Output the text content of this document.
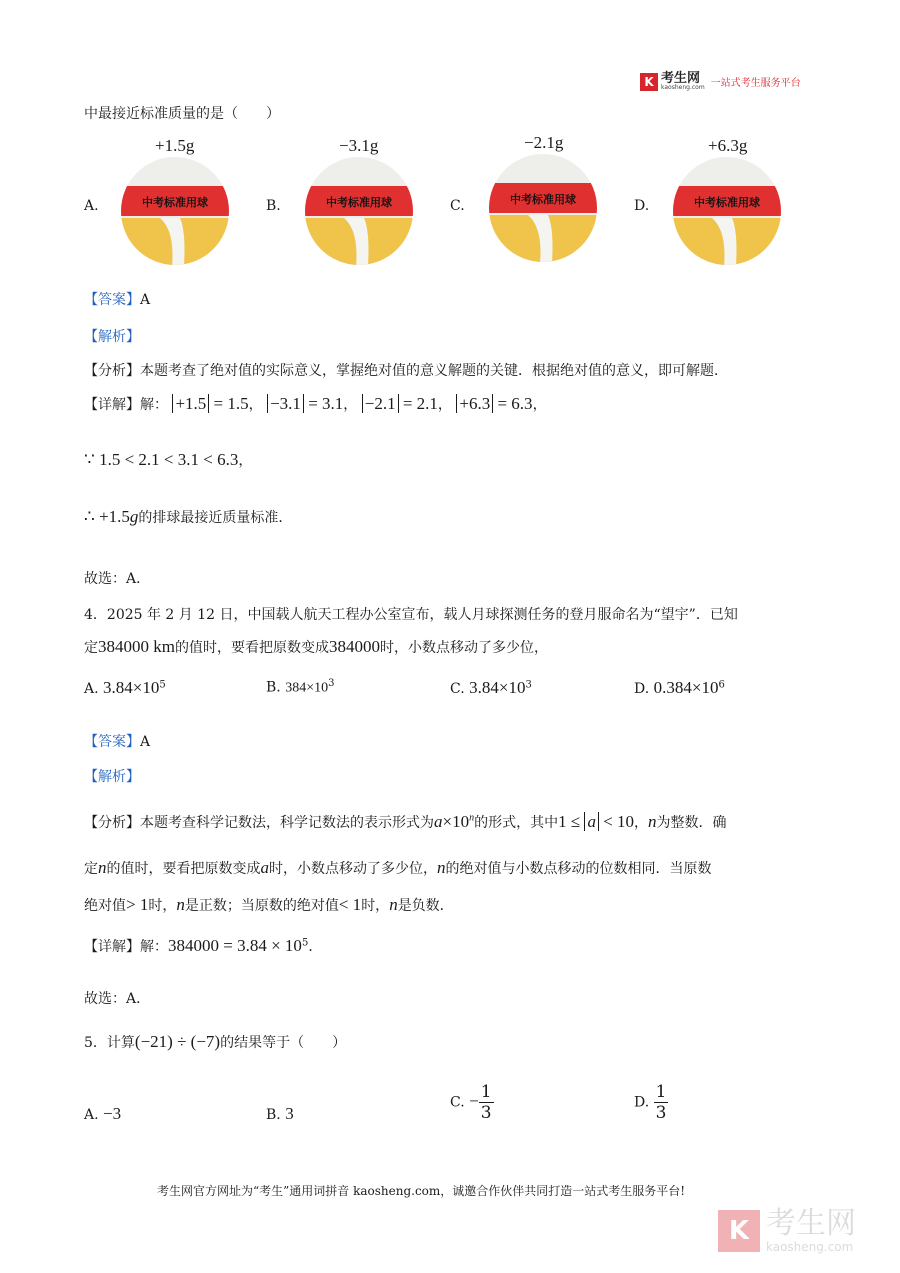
K 考生网
kaosheng.com 一站式考生服务平台
中最接近标准质量的是（　　）
+1.5g	−3.1g	−2.1g	+6.3g
A.	B.	C.	D.
中考标准用球	中考标准用球	中考标准用球	中考标准用球
【答案】A
【解析】
【分析】本题考查了绝对值的实际意义，掌握绝对值的意义解题的关键．根据绝对值的意义，即可解题．
【详解】解： +1.5 = 1.5， −3.1 = 3.1， −2.1 = 2.1， +6.3 = 6.3，
∵ 1.5 < 2.1 < 3.1 < 6.3，
∴ +1.5g的排球最接近质量标准．
故选：A．
4．2025 年 2 月 12 日，中国载人航天工程办公室宣布，载人月球探测任务的登月服命名为“望宇”．已知
定384000 km的值时，要看把原数变成384000时，小数点移动了多少位，
A. $3.84\times 10^5$	B. $384\times 10^3$	C. $3.84\times 10^3$	D. $0.384\times 10^6$
【答案】A
【解析】
【分析】本题考查科学记数法，科学记数法的表示形式为$a\times 10^n$的形式，其中1 ≤ a < 10，n为整数．确
定n的值时，要看把原数变成a时，小数点移动了多少位，n的绝对值与小数点移动的位数相同．当原数
绝对值> 1时，n是正数；当原数的绝对值< 1时，n是负数．
【详解】解：$384000 = 3.84 \times 10^5$．
故选：A．
5．计算(−21) ÷ (−7)的结果等于（　　）
A. −3	B. 3
C. − $\frac{1}{3}$	D. $\frac{1}{3}$
考生网官方网址为“考生”通用词拼音 kaosheng.com，诚邀合作伙伴共同打造一站式考生服务平台!
K 考生网
kaosheng.com
